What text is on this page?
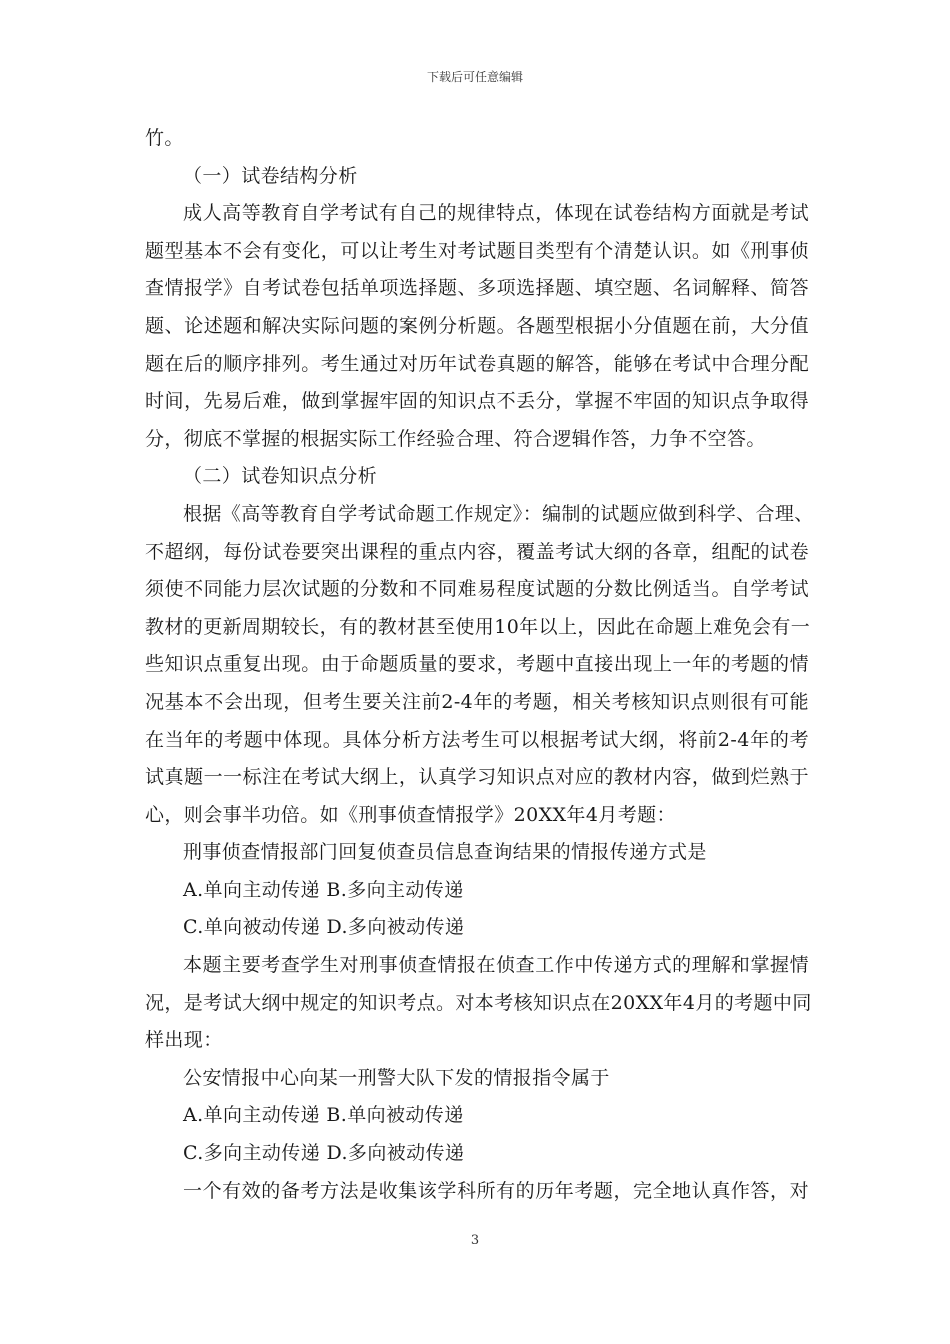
下载后可任意编辑

竹。

（一）试卷结构分析

成人高等教育自学考试有自己的规律特点，体现在试卷结构方面就是考试

题型基本不会有变化，可以让考生对考试题目类型有个清楚认识。如《刑事侦

查情报学》自考试卷包括单项选择题、多项选择题、填空题、名词解释、简答

题、论述题和解决实际问题的案例分析题。各题型根据小分值题在前，大分值

题在后的顺序排列。考生通过对历年试卷真题的解答，能够在考试中合理分配

时间，先易后难，做到掌握牢固的知识点不丢分，掌握不牢固的知识点争取得

分，彻底不掌握的根据实际工作经验合理、符合逻辑作答，力争不空答。

（二）试卷知识点分析

根据《高等教育自学考试命题工作规定》：编制的试题应做到科学、合理、

不超纲，每份试卷要突出课程的重点内容，覆盖考试大纲的各章，组配的试卷

须使不同能力层次试题的分数和不同难易程度试题的分数比例适当。自学考试

教材的更新周期较长，有的教材甚至使用10年以上，因此在命题上难免会有一

些知识点重复出现。由于命题质量的要求，考题中直接出现上一年的考题的情

况基本不会出现，但考生要关注前2-4年的考题，相关考核知识点则很有可能

在当年的考题中体现。具体分析方法考生可以根据考试大纲，将前2-4年的考

试真题一一标注在考试大纲上，认真学习知识点对应的教材内容，做到烂熟于

心，则会事半功倍。如《刑事侦查情报学》20XX年4月考题：

刑事侦查情报部门回复侦查员信息查询结果的情报传递方式是

A.单向主动传递 B.多向主动传递

C.单向被动传递 D.多向被动传递

本题主要考查学生对刑事侦查情报在侦查工作中传递方式的理解和掌握情

况，是考试大纲中规定的知识考点。对本考核知识点在20XX年4月的考题中同

样出现：

公安情报中心向某一刑警大队下发的情报指令属于

A.单向主动传递 B.单向被动传递

C.多向主动传递 D.多向被动传递

一个有效的备考方法是收集该学科所有的历年考题，完全地认真作答，对

3
